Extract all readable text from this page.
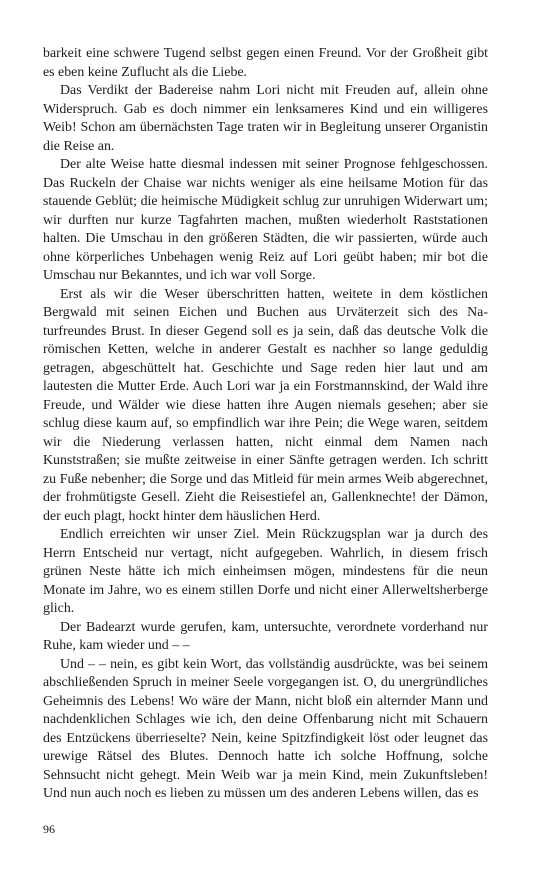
barkeit eine schwere Tugend selbst gegen einen Freund. Vor der Großheit gibt es eben keine Zuflucht als die Liebe.

Das Verdikt der Badereise nahm Lori nicht mit Freuden auf, allein ohne Widerspruch. Gab es doch nimmer ein lenksameres Kind und ein willigeres Weib! Schon am übernächsten Tage traten wir in Begleitung unserer Organistin die Reise an.

Der alte Weise hatte diesmal indessen mit seiner Prognose fehlgeschossen. Das Ruckeln der Chaise war nichts weniger als eine heilsame Motion für das stauende Geblüt; die heimische Müdigkeit schlug zur unruhigen Widerwart um; wir durften nur kurze Tagfahrten machen, mußten wiederholt Raststationen halten. Die Umschau in den größeren Städten, die wir passierten, würde auch ohne körperliches Unbehagen wenig Reiz auf Lori geübt haben; mir bot die Umschau nur Bekanntes, und ich war voll Sorge.

Erst als wir die Weser überschritten hatten, weitete in dem köstlichen Bergwald mit seinen Eichen und Buchen aus Urväterzeit sich des Naturfreundes Brust. In dieser Gegend soll es ja sein, daß das deutsche Volk die römischen Ketten, welche in anderer Gestalt es nachher so lange geduldig getragen, abgeschüttelt hat. Geschichte und Sage reden hier laut und am lautesten die Mutter Erde. Auch Lori war ja ein Forstmannskind, der Wald ihre Freude, und Wälder wie diese hatten ihre Augen niemals gesehen; aber sie schlug diese kaum auf, so empfindlich war ihre Pein; die Wege waren, seitdem wir die Niederung verlassen hatten, nicht einmal dem Namen nach Kunststraßen; sie mußte zeitweise in einer Sänfte getragen werden. Ich schritt zu Fuße nebenher; die Sorge und das Mitleid für mein armes Weib abgerechnet, der frohmütigste Gesell. Zieht die Reisestiefel an, Gallenknechte! der Dämon, der euch plagt, hockt hinter dem häuslichen Herd.

Endlich erreichten wir unser Ziel. Mein Rückzugsplan war ja durch des Herrn Entscheid nur vertagt, nicht aufgegeben. Wahrlich, in diesem frisch grünen Neste hätte ich mich einheimsen mögen, mindestens für die neun Monate im Jahre, wo es einem stillen Dorfe und nicht einer Allerweltsherberge glich.

Der Badearzt wurde gerufen, kam, untersuchte, verordnete vorderhand nur Ruhe, kam wieder und – –

Und – – nein, es gibt kein Wort, das vollständig ausdrückte, was bei seinem abschließenden Spruch in meiner Seele vorgegangen ist. O, du unergründliches Geheimnis des Lebens! Wo wäre der Mann, nicht bloß ein alternder Mann und nachdenklichen Schlages wie ich, den deine Offenbarung nicht mit Schauern des Entzückens überrieselte? Nein, keine Spitzfindigkeit löst oder leugnet das urewige Rätsel des Blutes. Dennoch hatte ich solche Hoffnung, solche Sehnsucht nicht gehegt. Mein Weib war ja mein Kind, mein Zukunftsleben! Und nun auch noch es lieben zu müssen um des anderen Lebens willen, das es

96
